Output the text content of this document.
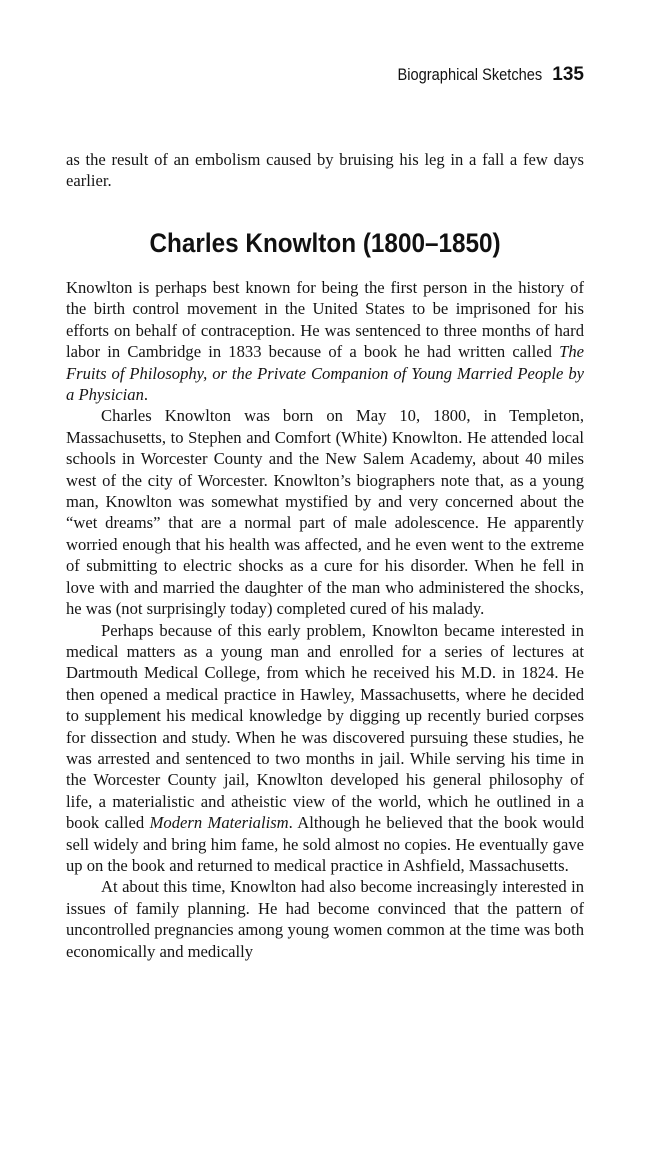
Biographical Sketches 135

as the result of an embolism caused by bruising his leg in a fall a few days earlier.

Charles Knowlton (1800–1850)

Knowlton is perhaps best known for being the first person in the history of the birth control movement in the United States to be imprisoned for his efforts on behalf of contraception. He was sentenced to three months of hard labor in Cambridge in 1833 because of a book he had written called The Fruits of Philosophy, or the Private Companion of Young Married People by a Physician.

Charles Knowlton was born on May 10, 1800, in Templeton, Massachusetts, to Stephen and Comfort (White) Knowlton. He attended local schools in Worcester County and the New Salem Academy, about 40 miles west of the city of Worcester. Knowlton’s biographers note that, as a young man, Knowlton was somewhat mystified by and very concerned about the “wet dreams” that are a normal part of male adolescence. He apparently worried enough that his health was affected, and he even went to the extreme of submitting to electric shocks as a cure for his disorder. When he fell in love with and married the daughter of the man who administered the shocks, he was (not surprisingly today) completed cured of his malady.

Perhaps because of this early problem, Knowlton became interested in medical matters as a young man and enrolled for a series of lectures at Dartmouth Medical College, from which he received his M.D. in 1824. He then opened a medical practice in Hawley, Massachusetts, where he decided to supplement his medical knowledge by digging up recently buried corpses for dissection and study. When he was discovered pursuing these studies, he was arrested and sentenced to two months in jail. While serving his time in the Worcester County jail, Knowlton developed his general philosophy of life, a materialistic and atheistic view of the world, which he outlined in a book called Modern Materialism. Although he believed that the book would sell widely and bring him fame, he sold almost no copies. He eventually gave up on the book and returned to medical practice in Ashfield, Massachusetts.

At about this time, Knowlton had also become increasingly interested in issues of family planning. He had become convinced that the pattern of uncontrolled pregnancies among young women common at the time was both economically and medically
